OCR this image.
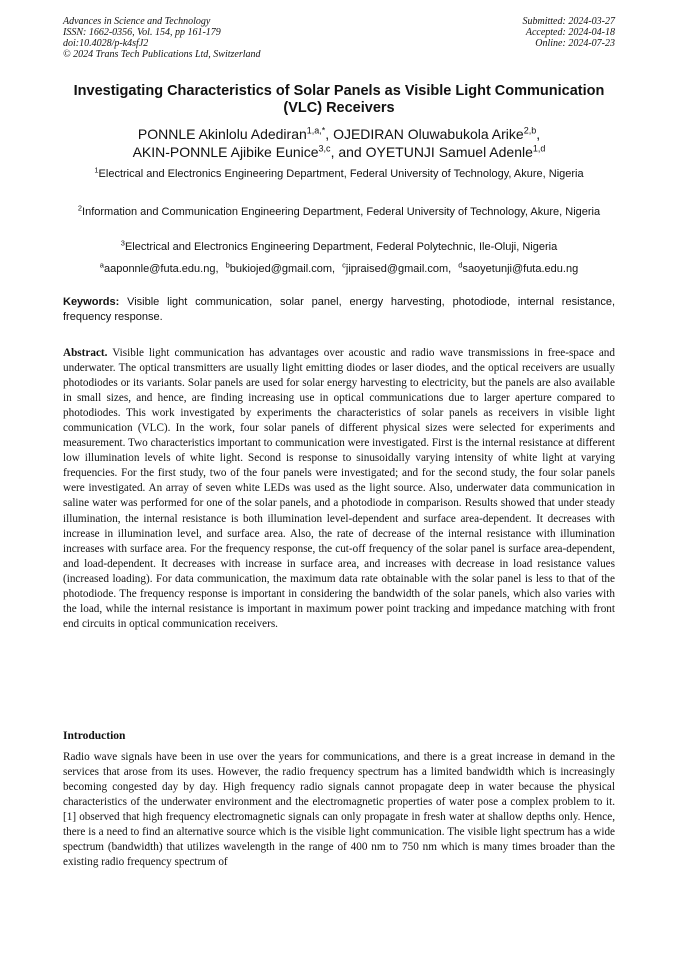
Advances in Science and Technology
ISSN: 1662-0356, Vol. 154, pp 161-179
doi:10.4028/p-k4sfJ2
© 2024 Trans Tech Publications Ltd, Switzerland
Submitted: 2024-03-27
Accepted: 2024-04-18
Online: 2024-07-23
Investigating Characteristics of Solar Panels as Visible Light Communication (VLC) Receivers
PONNLE Akinlolu Adediran$^{1,a,*}$, OJEDIRAN Oluwabukola Arike$^{2,b}$,
AKIN-PONNLE Ajibike Eunice$^{3,c}$, and OYETUNJI Samuel Adenle$^{1,d}$
$^1$Electrical and Electronics Engineering Department, Federal University of Technology, Akure, Nigeria
$^2$Information and Communication Engineering Department, Federal University of Technology, Akure, Nigeria
$^3$Electrical and Electronics Engineering Department, Federal Polytechnic, Ile-Oluji, Nigeria
$^a$aaponnle@futa.edu.ng, $^b$bukiojed@gmail.com, $^c$jipraised@gmail.com, $^d$saoyetunji@futa.edu.ng
Keywords: Visible light communication, solar panel, energy harvesting, photodiode, internal resistance, frequency response.
Abstract. Visible light communication has advantages over acoustic and radio wave transmissions in free-space and underwater. The optical transmitters are usually light emitting diodes or laser diodes, and the optical receivers are usually photodiodes or its variants. Solar panels are used for solar energy harvesting to electricity, but the panels are also available in small sizes, and hence, are finding increasing use in optical communications due to larger aperture compared to photodiodes. This work investigated by experiments the characteristics of solar panels as receivers in visible light communication (VLC). In the work, four solar panels of different physical sizes were selected for experiments and measurement. Two characteristics important to communication were investigated. First is the internal resistance at different low illumination levels of white light. Second is response to sinusoidally varying intensity of white light at varying frequencies. For the first study, two of the four panels were investigated; and for the second study, the four solar panels were investigated. An array of seven white LEDs was used as the light source. Also, underwater data communication in saline water was performed for one of the solar panels, and a photodiode in comparison. Results showed that under steady illumination, the internal resistance is both illumination level-dependent and surface area-dependent. It decreases with increase in illumination level, and surface area. Also, the rate of decrease of the internal resistance with illumination increases with surface area. For the frequency response, the cut-off frequency of the solar panel is surface area-dependent, and load-dependent. It decreases with increase in surface area, and increases with decrease in load resistance values (increased loading). For data communication, the maximum data rate obtainable with the solar panel is less to that of the photodiode. The frequency response is important in considering the bandwidth of the solar panels, which also varies with the load, while the internal resistance is important in maximum power point tracking and impedance matching with front end circuits in optical communication receivers.
Introduction
Radio wave signals have been in use over the years for communications, and there is a great increase in demand in the services that arose from its uses. However, the radio frequency spectrum has a limited bandwidth which is increasingly becoming congested day by day. High frequency radio signals cannot propagate deep in water because the physical characteristics of the underwater environment and the electromagnetic properties of water pose a complex problem to it. [1] observed that high frequency electromagnetic signals can only propagate in fresh water at shallow depths only. Hence, there is a need to find an alternative source which is the visible light communication. The visible light spectrum has a wide spectrum (bandwidth) that utilizes wavelength in the range of 400 nm to 750 nm which is many times broader than the existing radio frequency spectrum of
